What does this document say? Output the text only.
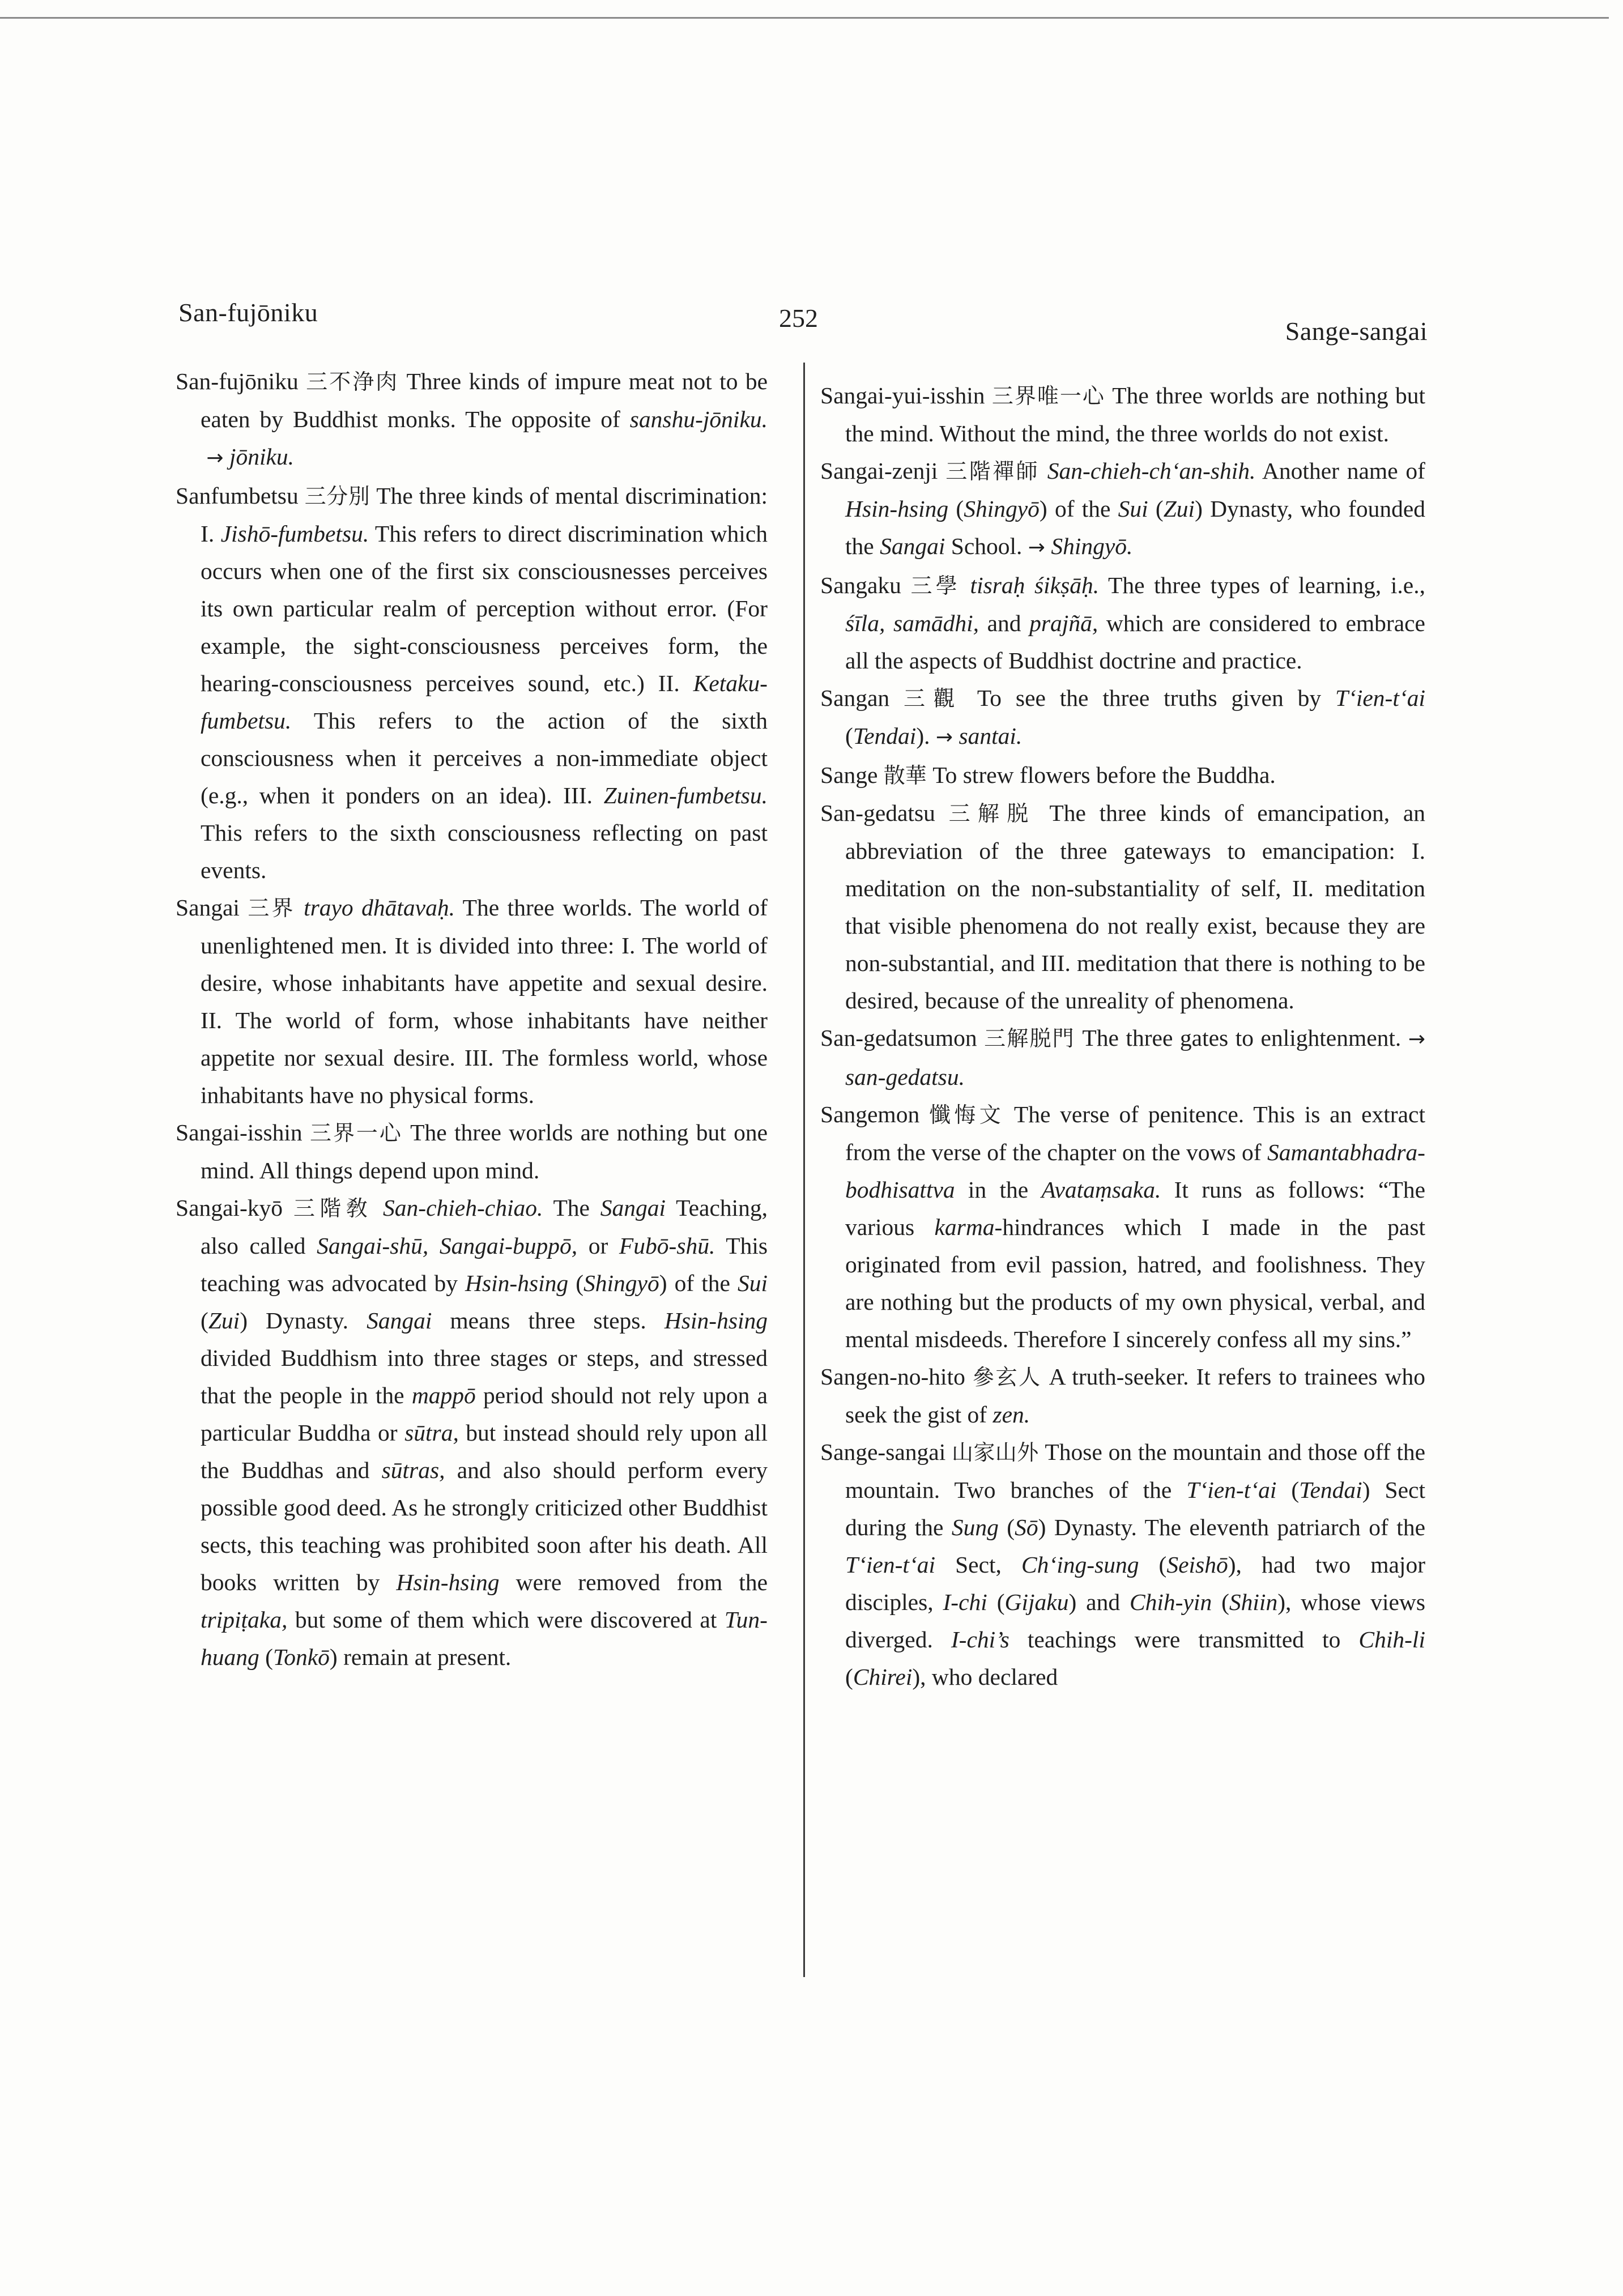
San-fujōniku	252	Sange-sangai

San-fujōniku 三不浄肉 Three kinds of impure meat not to be eaten by Buddhist monks. The opposite of sanshu-jōniku.  → jōniku.

Sanfumbetsu 三分別 The three kinds of mental discrimination: I. Jishō-fumbetsu. This refers to direct discrimination which occurs when one of the first six consciousnesses perceives its own particular realm of perception without error. (For example, the sight-consciousness perceives form, the hearing-consciousness perceives sound, etc.) II. Ketaku-fumbetsu. This refers to the action of the sixth consciousness when it perceives a non-immediate object (e.g., when it ponders on an idea). III. Zuinen-fumbetsu. This refers to the sixth consciousness reflecting on past events.

Sangai 三界 trayo dhātavaḥ. The three worlds. The world of unenlightened men. It is divided into three: I. The world of desire, whose inhabitants have appetite and sexual desire. II. The world of form, whose inhabitants have neither appetite nor sexual desire. III. The formless world, whose inhabitants have no physical forms.

Sangai-isshin 三界一心 The three worlds are nothing but one mind. All things depend upon mind.

Sangai-kyō 三階敎 San-chieh-chiao. The Sangai Teaching, also called Sangai-shū, Sangai-buppō, or Fubō-shū. This teaching was advocated by Hsin-hsing (Shingyō) of the Sui (Zui) Dynasty. Sangai means three steps. Hsin-hsing divided Buddhism into three stages or steps, and stressed that the people in the mappō period should not rely upon a particular Buddha or sūtra, but instead should rely upon all the Buddhas and sūtras, and also should perform every possible good deed. As he strongly criticized other Buddhist sects, this teaching was prohibited soon after his death. All books written by Hsin-hsing were removed from the tripiṭaka, but some of them which were discovered at Tun-huang (Tonkō) remain at present.

Sangai-yui-isshin 三界唯一心 The three worlds are nothing but the mind. Without the mind, the three worlds do not exist.

Sangai-zenji 三階禪師 San-chieh-ch‘an-shih. Another name of Hsin-hsing (Shingyō) of the Sui (Zui) Dynasty, who founded the Sangai School. → Shingyō.

Sangaku 三學 tisraḥ śikṣāḥ. The three types of learning, i.e., śīla, samādhi, and prajñā, which are considered to embrace all the aspects of Buddhist doctrine and practice.

Sangan 三觀 To see the three truths given by T‘ien-t‘ai (Tendai). → santai.

Sange 散華 To strew flowers before the Buddha.

San-gedatsu 三解脱 The three kinds of emancipation, an abbreviation of the three gateways to emancipation: I. meditation on the non-substantiality of self, II. meditation that visible phenomena do not really exist, because they are non-substantial, and III. meditation that there is nothing to be desired, because of the unreality of phenomena.

San-gedatsumon 三解脱門 The three gates to enlightenment. → san-gedatsu.

Sangemon 懺悔文 The verse of penitence. This is an extract from the verse of the chapter on the vows of Samantabhadra-bodhisattva in the Avataṃsaka. It runs as follows: “The various karma-hindrances which I made in the past originated from evil passion, hatred, and foolishness. They are nothing but the products of my own physical, verbal, and mental misdeeds. Therefore I sincerely confess all my sins.”

Sangen-no-hito 參玄人 A truth-seeker. It refers to trainees who seek the gist of zen.

Sange-sangai 山家山外 Those on the mountain and those off the mountain. Two branches of the T‘ien-t‘ai (Tendai) Sect during the Sung (Sō) Dynasty. The eleventh patriarch of the T‘ien-t‘ai Sect, Ch‘ing-sung (Seishō), had two major disciples, I-chi (Gijaku) and Chih-yin (Shiin), whose views diverged. I-chi’s teachings were transmitted to Chih-li (Chirei), who declared
